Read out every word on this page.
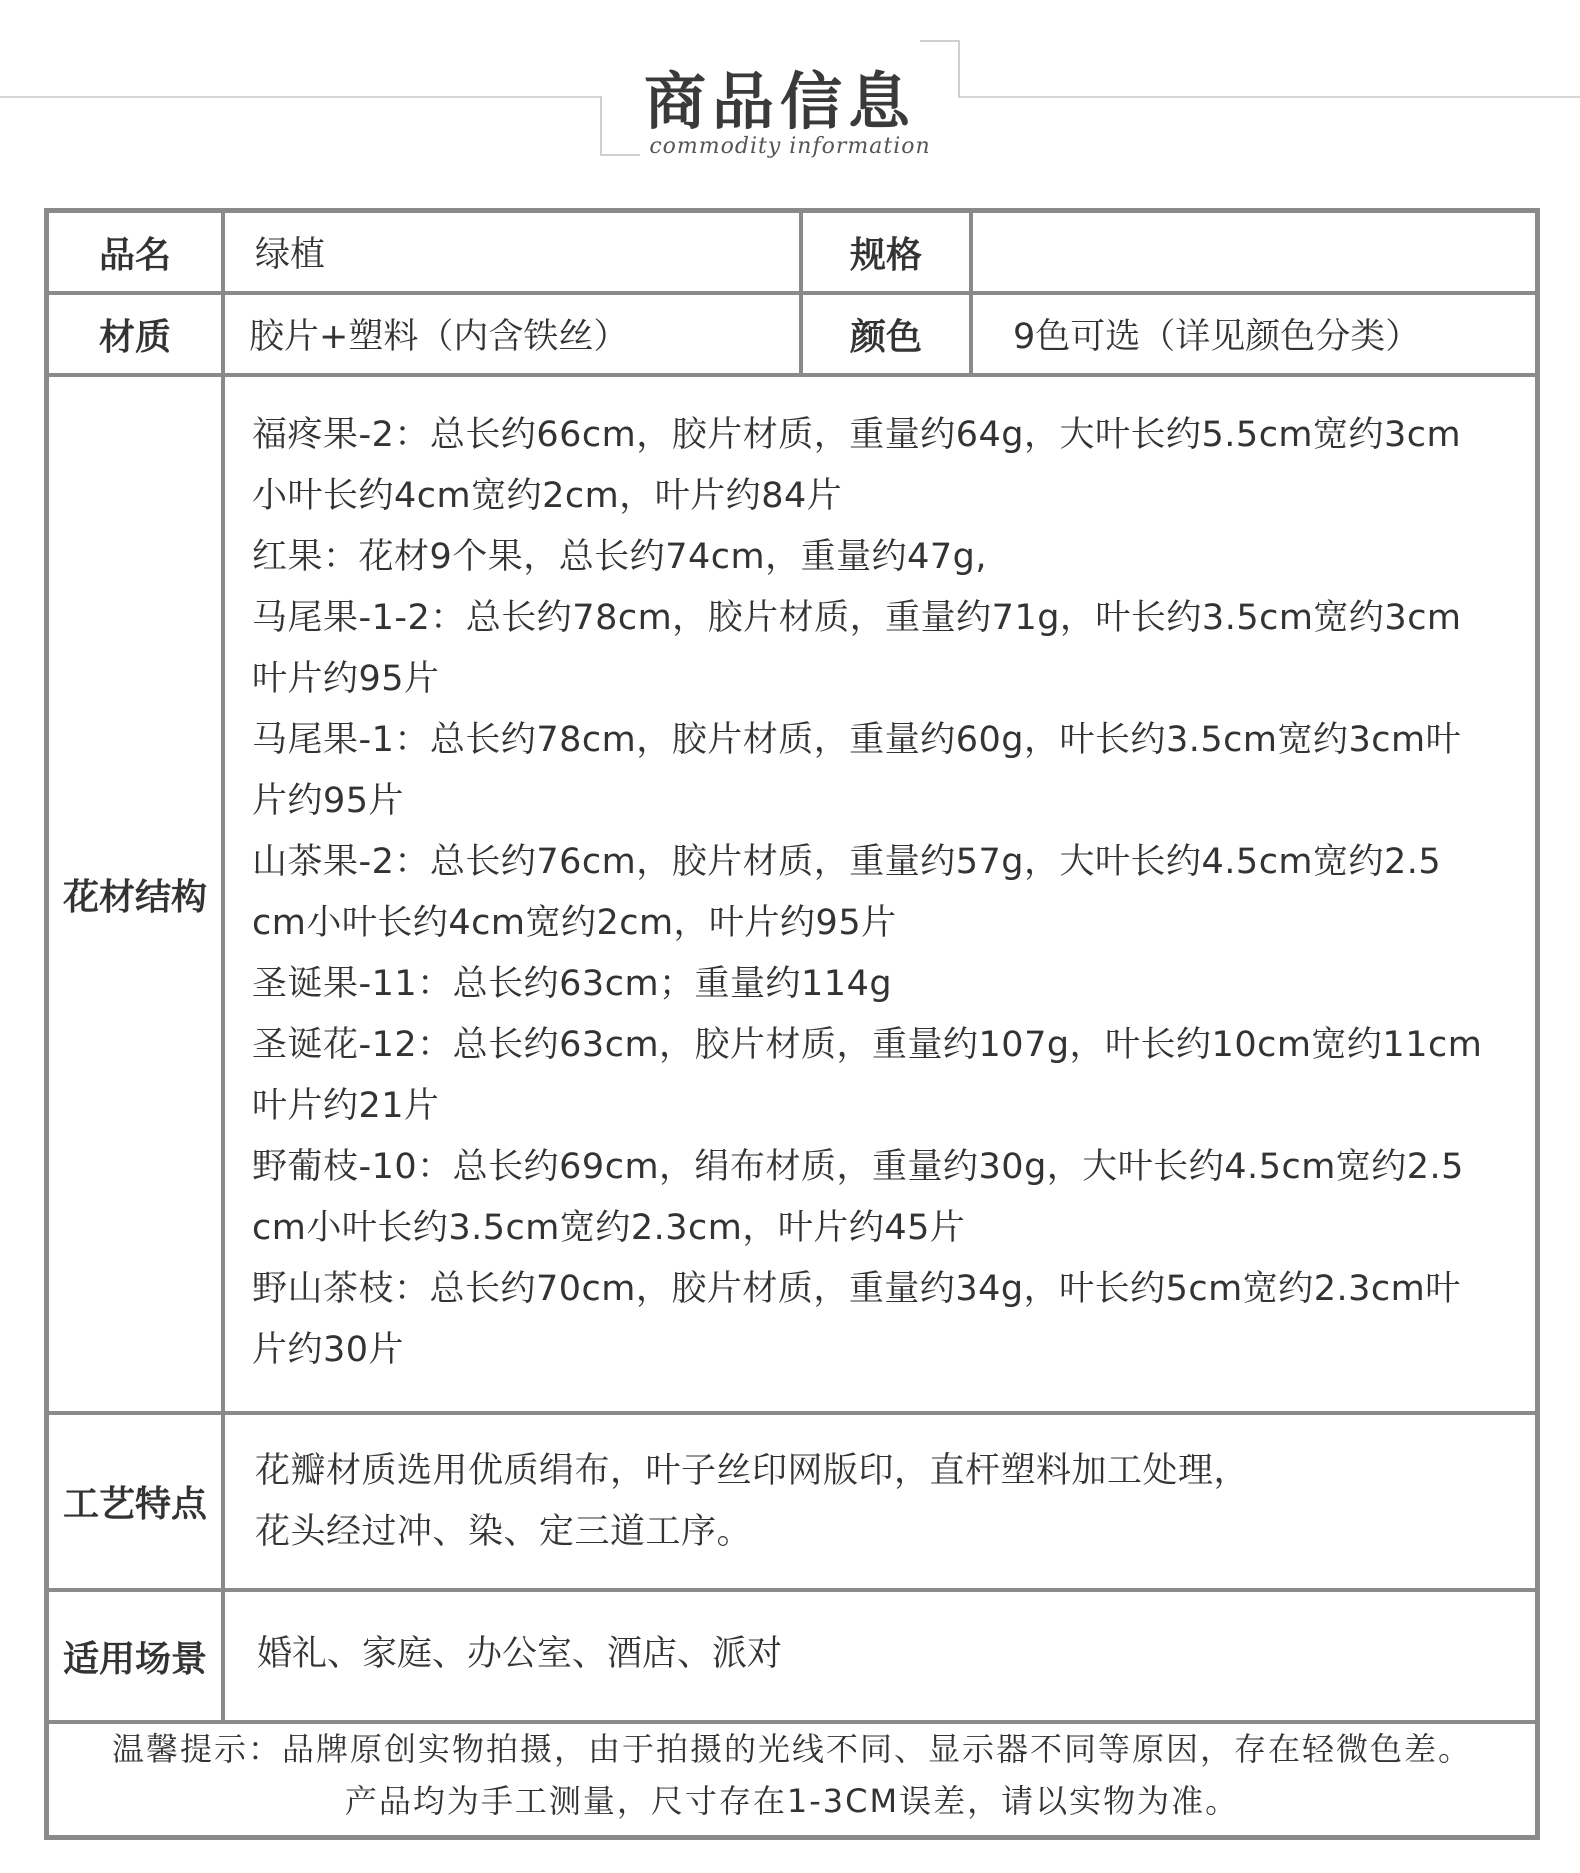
商品信息
commodity information
品名	绿植	规格
材质	胶片+塑料（内含铁丝）	颜色	9色可选（详见颜色分类）
花材结构
福疼果-2：总长约66cm，胶片材质，重量约64g，大叶长约5.5cm宽约3cm
小叶长约4cm宽约2cm，叶片约84片
红果：花材9个果，总长约74cm，重量约47g,
马尾果-1-2：总长约78cm，胶片材质，重量约71g，叶长约3.5cm宽约3cm
叶片约95片
马尾果-1：总长约78cm，胶片材质，重量约60g，叶长约3.5cm宽约3cm叶
片约95片
山茶果-2：总长约76cm，胶片材质，重量约57g，大叶长约4.5cm宽约2.5
cm小叶长约4cm宽约2cm，叶片约95片
圣诞果-11：总长约63cm；重量约114g
圣诞花-12：总长约63cm，胶片材质，重量约107g，叶长约10cm宽约11cm
叶片约21片
野葡枝-10：总长约69cm，绢布材质，重量约30g，大叶长约4.5cm宽约2.5
cm小叶长约3.5cm宽约2.3cm，叶片约45片
野山茶枝：总长约70cm，胶片材质，重量约34g，叶长约5cm宽约2.3cm叶
片约30片
工艺特点
花瓣材质选用优质绢布，叶子丝印网版印，直杆塑料加工处理，
花头经过冲、染、定三道工序。
适用场景	婚礼、家庭、办公室、酒店、派对
温馨提示：品牌原创实物拍摄，由于拍摄的光线不同、显示器不同等原因，存在轻微色差。
产品均为手工测量，尺寸存在1-3CM误差，请以实物为准。
